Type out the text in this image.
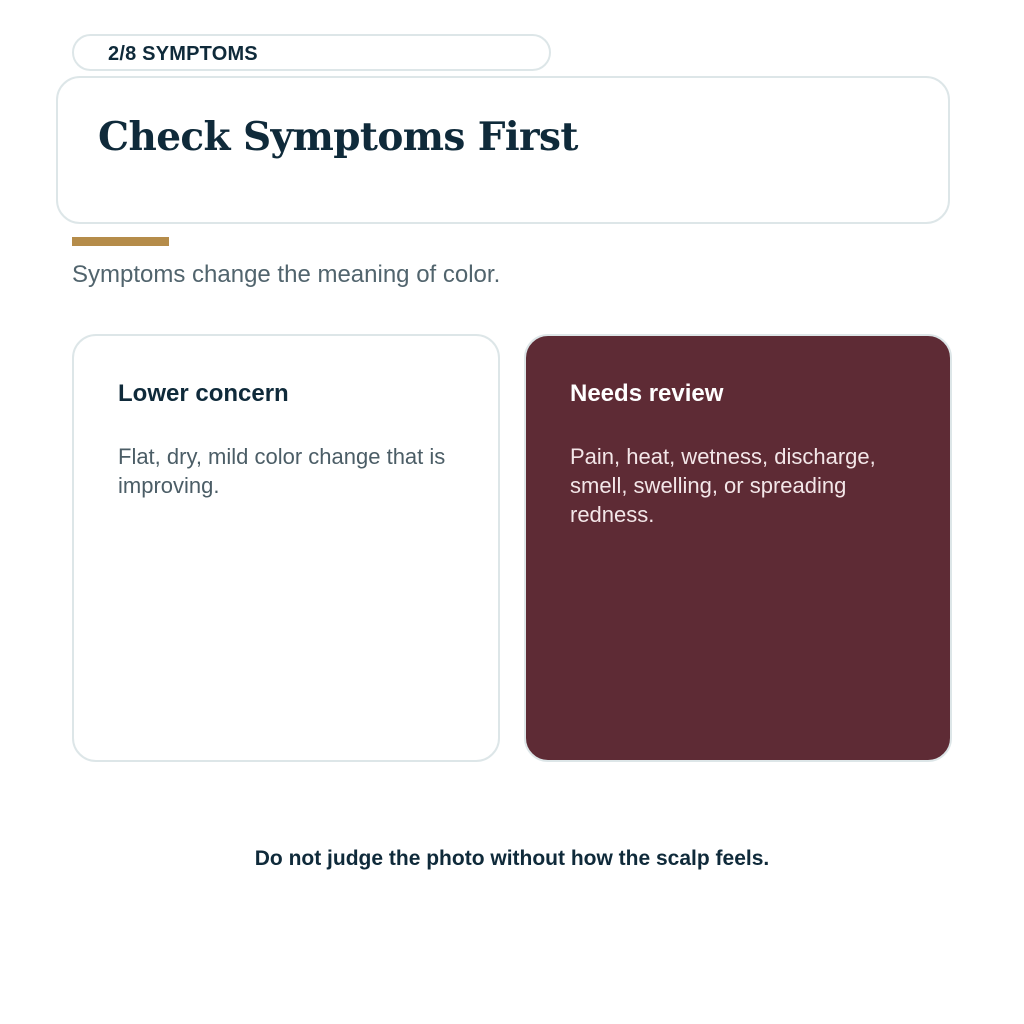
2/8 SYMPTOMS
Check Symptoms First

Symptoms change the meaning of color.

Lower concern

Flat, dry, mild color change that is improving.

Needs review

Pain, heat, wetness, discharge, smell, swelling, or spreading redness.

Do not judge the photo without how the scalp feels.
